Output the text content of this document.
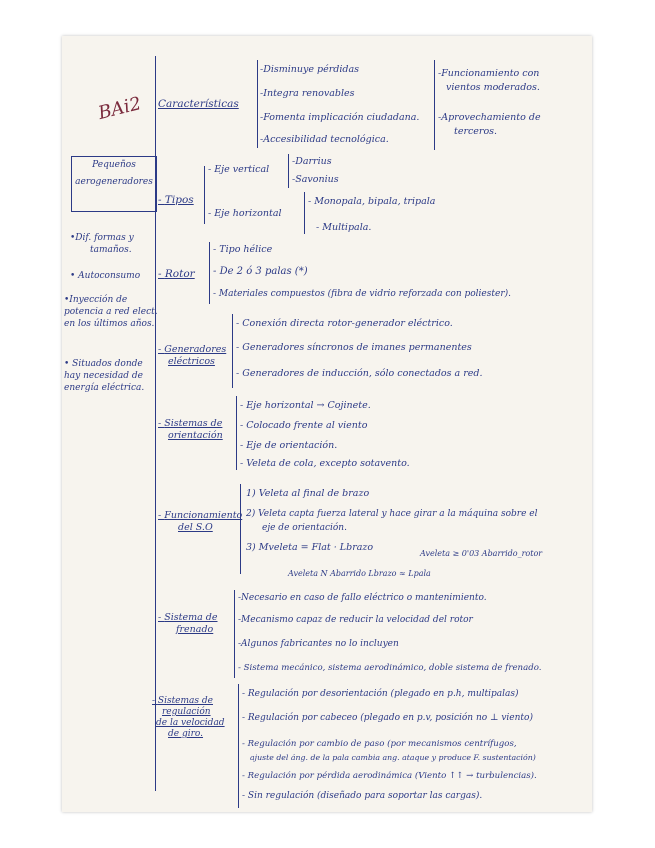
BAi2
Pequeños
aerogeneradores
•Dif. formas y
tamaños.
• Autoconsumo
•Inyección de
potencia a red elect.
en los últimos años.
• Situados donde
hay necesidad de
energía eléctrica.
Características
-Disminuye pérdidas
-Integra renovables
-Fomenta implicación ciudadana.
-Accesibilidad tecnológica.
-Funcionamiento con
vientos moderados.
-Aprovechamiento de
terceros.
- Tipos
- Eje vertical
-Darrius
-Savonius
- Eje horizontal
- Monopala, bipala, tripala
- Multipala.
- Rotor
- Tipo hélice
- De 2 ó 3 palas (*)
- Materiales compuestos (fibra de vidrio reforzada con poliester).
- Generadores
eléctricos
- Conexión directa rotor-generador eléctrico.
- Generadores síncronos de imanes permanentes
- Generadores de inducción, sólo conectados a red.
- Sistemas de
orientación
- Eje horizontal → Cojinete.
- Colocado frente al viento
- Eje de orientación.
- Veleta de cola, excepto sotavento.
- Funcionamiento
del S.O
1) Veleta al final de brazo
2) Veleta capta fuerza lateral y hace girar a la máquina sobre el
eje de orientación.
3) Mveleta = Flat · Lbrazo
Aveleta ≥ 0'03 Abarrido_rotor
Aveleta N Abarrido Lbrazo ≈ Lpala
- Sistema de
frenado
-Necesario en caso de fallo eléctrico o mantenimiento.
-Mecanismo capaz de reducir la velocidad del rotor
-Algunos fabricantes no lo incluyen
- Sistema mecánico, sistema aerodinámico, doble sistema de frenado.
- Sistemas de
regulación
de la velocidad
de giro.
- Regulación por desorientación (plegado en p.h, multipalas)
- Regulación por cabeceo (plegado en p.v, posición no ⊥ viento)
- Regulación por cambio de paso (por mecanismos centrífugos,
ajuste del áng. de la pala cambia ang. ataque y produce F. sustentación)
- Regulación por pérdida aerodinámica (Viento ↑↑ → turbulencias).
- Sin regulación (diseñado para soportar las cargas).
